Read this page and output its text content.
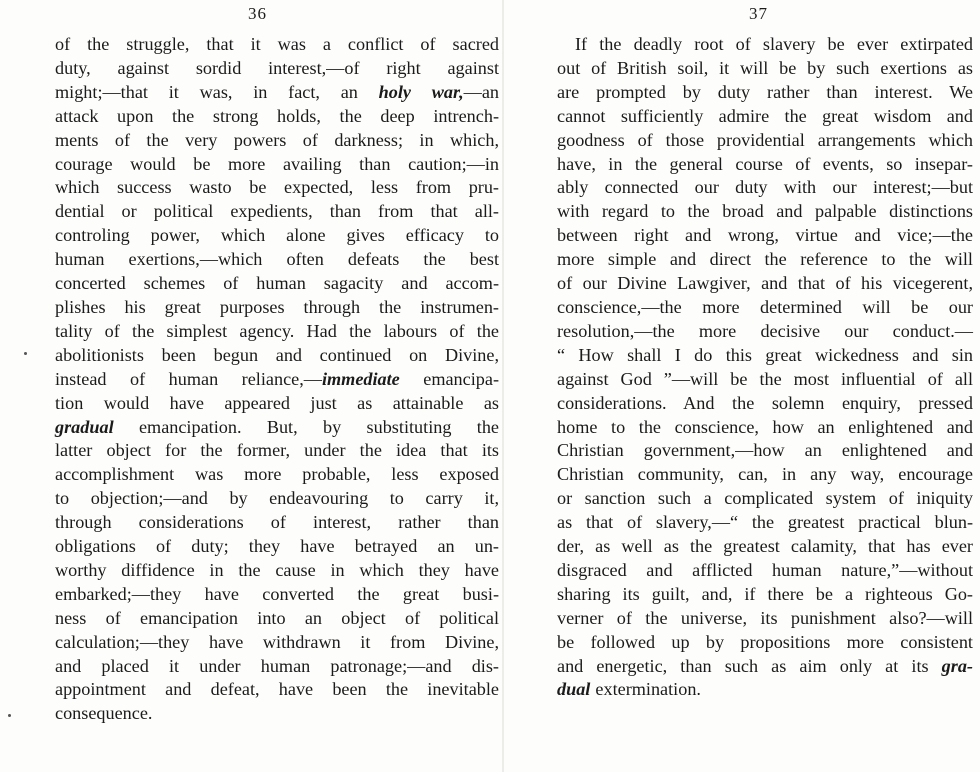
36
of the struggle, that it was a conflict of sacred
duty, against sordid interest,—of right against
might;—that it was, in fact, an holy war,—an
attack upon the strong holds, the deep intrench-
ments of the very powers of darkness; in which,
courage would be more availing than caution;—in
which success wasto be expected, less from pru-
dential or political expedients, than from that all-
controling power, which alone gives efficacy to
human exertions,—which often defeats the best
concerted schemes of human sagacity and accom-
plishes his great purposes through the instrumen-
tality of the simplest agency. Had the labours of the
abolitionists been begun and continued on Divine,
instead of human reliance,—immediate emancipa-
tion would have appeared just as attainable as
gradual emancipation. But, by substituting the
latter object for the former, under the idea that its
accomplishment was more probable, less exposed
to objection;—and by endeavouring to carry it,
through considerations of interest, rather than
obligations of duty; they have betrayed an un-
worthy diffidence in the cause in which they have
embarked;—they have converted the great busi-
ness of emancipation into an object of political
calculation;—they have withdrawn it from Divine,
and placed it under human patronage;—and dis-
appointment and defeat, have been the inevitable
consequence.
37
If the deadly root of slavery be ever extirpated
out of British soil, it will be by such exertions as
are prompted by duty rather than interest. We
cannot sufficiently admire the great wisdom and
goodness of those providential arrangements which
have, in the general course of events, so insepar-
ably connected our duty with our interest;—but
with regard to the broad and palpable distinctions
between right and wrong, virtue and vice;—the
more simple and direct the reference to the will
of our Divine Lawgiver, and that of his vicegerent,
conscience,—the more determined will be our
resolution,—the more decisive our conduct.—
“ How shall I do this great wickedness and sin
against God ”—will be the most influential of all
considerations. And the solemn enquiry, pressed
home to the conscience, how an enlightened and
Christian government,—how an enlightened and
Christian community, can, in any way, encourage
or sanction such a complicated system of iniquity
as that of slavery,—“ the greatest practical blun-
der, as well as the greatest calamity, that has ever
disgraced and afflicted human nature,”—without
sharing its guilt, and, if there be a righteous Go-
verner of the universe, its punishment also?—will
be followed up by propositions more consistent
and energetic, than such as aim only at its gra-
dual extermination.
